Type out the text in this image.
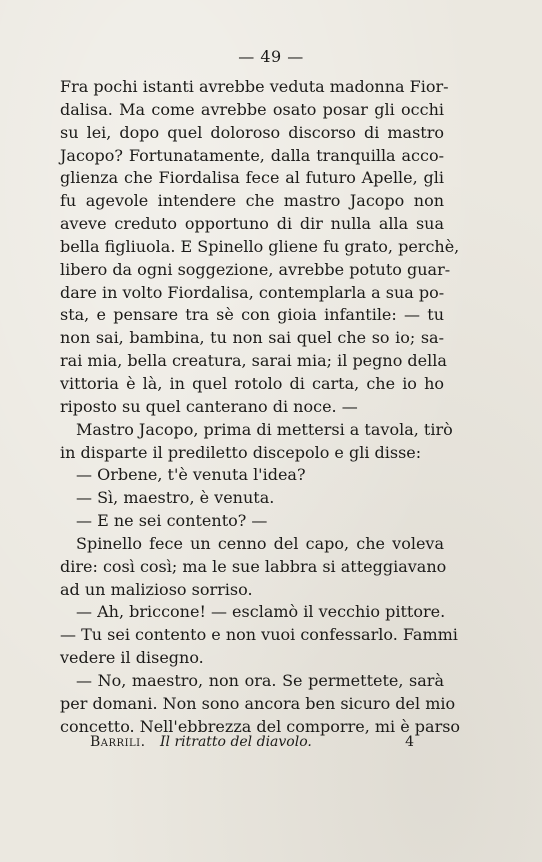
— 49 —
Fra pochi istanti avrebbe veduta madonna Fior-
dalisa. Ma come avrebbe osato posar gli occhi
su lei, dopo quel doloroso discorso di mastro
Jacopo? Fortunatamente, dalla tranquilla acco-
glienza che Fiordalisa fece al futuro Apelle, gli
fu agevole intendere che mastro Jacopo non
aveve creduto opportuno di dir nulla alla sua
bella figliuola. E Spinello gliene fu grato, perchè,
libero da ogni soggezione, avrebbe potuto guar-
dare in volto Fiordalisa, contemplarla a sua po-
sta, e pensare tra sè con gioia infantile: — tu
non sai, bambina, tu non sai quel che so io; sa-
rai mia, bella creatura, sarai mia; il pegno della
vittoria è là, in quel rotolo di carta, che io ho
riposto su quel canterano di noce. —
Mastro Jacopo, prima di mettersi a tavola, tirò
in disparte il prediletto discepolo e gli disse:
— Orbene, t'è venuta l'idea?
— Sì, maestro, è venuta.
— E ne sei contento? —
Spinello fece un cenno del capo, che voleva
dire: così così; ma le sue labbra si atteggiavano
ad un malizioso sorriso.
— Ah, briccone! — esclamò il vecchio pittore.
— Tu sei contento e non vuoi confessarlo. Fammi
vedere il disegno.
— No, maestro, non ora. Se permettete, sarà
per domani. Non sono ancora ben sicuro del mio
concetto. Nell'ebbrezza del comporre, mi è parso
Barrili. Il ritratto del diavolo.	4
